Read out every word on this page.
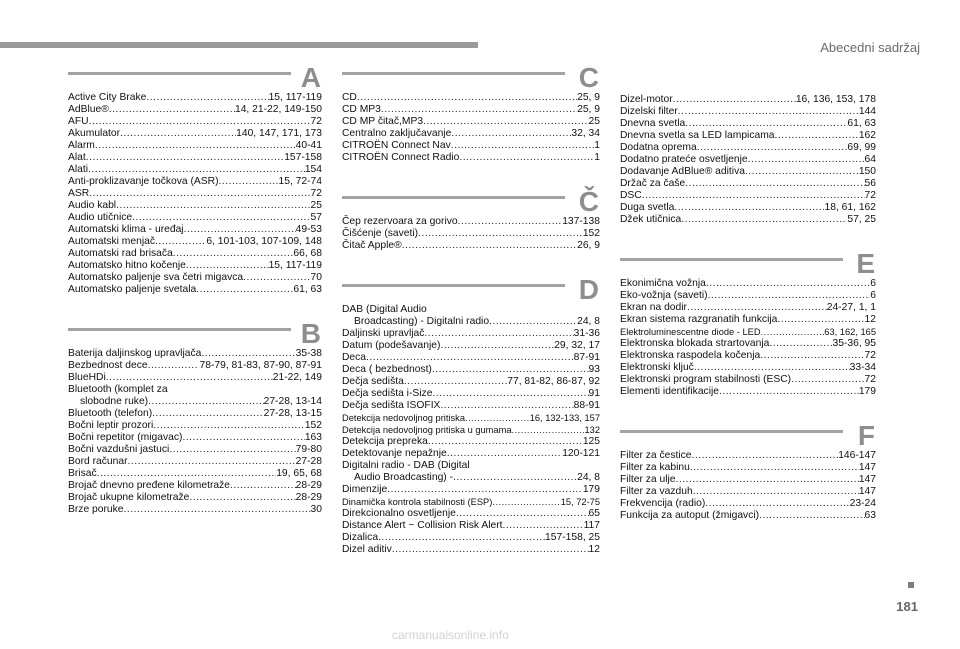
Abecedni sadržaj
A
Active City Brake .....	15, 117-119
AdBlue® .....	14, 21-22, 149-150
AFU .....	72
Akumulator .....	140, 147, 171, 173
Alarm .....	40-41
Alat .....	157-158
Alati .....	154
Anti-proklizavanje točkova (ASR) .....	15, 72-74
ASR .....	72
Audio kabl .....	25
Audio utičnice .....	57
Automatski klima - uređaj .....	49-53
Automatski menjač .....	6, 101-103, 107-109, 148
Automatski rad brisača .....	66, 68
Automatsko hitno kočenje .....	15, 117-119
Automatsko paljenje sva četri migavca .....	70
Automatsko paljenje svetala .....	61, 63
B
Baterija daljinskog upravljača .....	35-38
Bezbednost dece .....	78-79, 81-83, 87-90, 87-91
BlueHDi .....	21-22, 149
Bluetooth (komplet za
slobodne ruke) .....	27-28, 13-14
Bluetooth (telefon) .....	27-28, 13-15
Bočni leptir prozori .....	152
Bočni repetitor (migavac) .....	163
Bočni vazdušni jastuci .....	79-80
Bord računar .....	27-28
Brisač .....	19, 65, 68
Brojač dnevno pređene kilometraže .....	28-29
Brojač ukupne kilometraže .....	28-29
Brze poruke .....	30
C
CD .....	25, 9
CD MP3 .....	25, 9
CD MP čitač,MP3 .....	25
Centralno zaključavanje .....	32, 34
CITROËN Connect Nav .....	1
CITROËN Connect Radio .....	1
Č
Čep rezervoara za gorivo .....	137-138
Čišćenje (saveti) .....	152
Čitač Apple® .....	26, 9
D
DAB (Digital Audio
Broadcasting) - Digitalni radio .....	24, 8
Daljinski upravljač .....	31-36
Datum (podešavanje) .....	29, 32, 17
Deca .....	87-91
Deca ( bezbednost) .....	93
Dečja sedišta .....	77, 81-82, 86-87, 92
Dečja sedišta i-Size .....	91
Dečja sedišta ISOFIX .....	88-91
Detekcija nedovoljnog pritiska .....	16, 132-133, 157
Detekcija nedovoljnog pritiska u gumama .....	132
Detekcija prepreka .....	125
Detektovanje nepažnje .....	120-121
Digitalni radio - DAB (Digital
Audio Broadcasting) - .....	24, 8
Dimenzije .....	179
Dinamička kontrola stabilnosti (ESP) .....	15, 72-75
Direkcionalno osvetljenje .....	65
Distance Alert ~ Collision Risk Alert .....	117
Dizalica .....	157-158, 25
Dizel aditiv .....	12
Dizel-motor .....	16, 136, 153, 178
Dizelski filter .....	144
Dnevna svetla .....	61, 63
Dnevna svetla sa LED lampicama .....	162
Dodatna oprema .....	69, 99
Dodatno prateće osvetljenje .....	64
Dodavanje AdBlue® aditiva .....	150
Držač za čaše .....	56
DSC .....	72
Duga svetla .....	18, 61, 162
Džek utičnica .....	57, 25
E
Ekonimična vožnja .....	6
Eko-vožnja (saveti) .....	6
Ekran na dodir .....	24-27, 1, 1
Ekran sistema razgranatih funkcija .....	12
Elektroluminescentne diode - LED .....	63, 162, 165
Elektronska blokada strartovanja .....	35-36, 95
Elektronska raspodela kočenja .....	72
Elektronski ključ .....	33-34
Elektronski program stabilnosti (ESC) .....	72
Elementi identifikacije .....	179
F
Filter za čestice .....	146-147
Filter za kabinu .....	147
Filter za ulje .....	147
Filter za vazduh .....	147
Frekvencija (radio) .....	23-24
Funkcija za autoput (žmigavci) .....	63
181
carmanualsonline.info
